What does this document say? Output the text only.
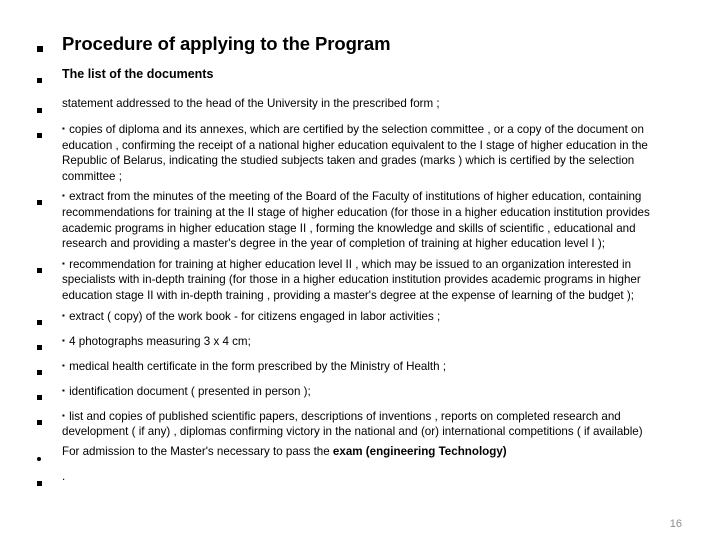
Procedure of applying to the Program
The list of the documents
statement addressed to the head of the University in the prescribed form ;
▪ copies of diploma and its annexes, which are certified by the selection committee , or a copy of the document on education , confirming the receipt of a national higher education equivalent to the I stage of higher education in the Republic of Belarus, indicating the studied subjects taken and grades (marks ) which is certified by the selection committee ;
▪ extract from the minutes of the meeting of the Board of the Faculty of institutions of higher education, containing recommendations for training at the II stage of higher education (for those in a higher education institution provides academic programs in higher education stage II , forming the knowledge and skills of scientific , educational and research and providing a master's degree in the year of completion of training at higher education level I );
▪ recommendation for training at higher education level II , which may be issued to an organization interested in specialists with in-depth training (for those in a higher education institution provides academic programs in higher education stage II with in-depth training , providing a master's degree at the expense of learning of the budget );
▪ extract ( copy) of the work book - for citizens engaged in labor activities ;
▪ 4 photographs measuring 3 x 4 cm;
▪ medical health certificate in the form prescribed by the Ministry of Health ;
▪ identification document ( presented in person );
▪ list and copies of published scientific papers, descriptions of inventions , reports on completed research and development ( if any) , diplomas confirming victory in the national and (or) international competitions ( if available)
For admission to the Master's necessary to pass the exam (engineering Technology)
.
16
